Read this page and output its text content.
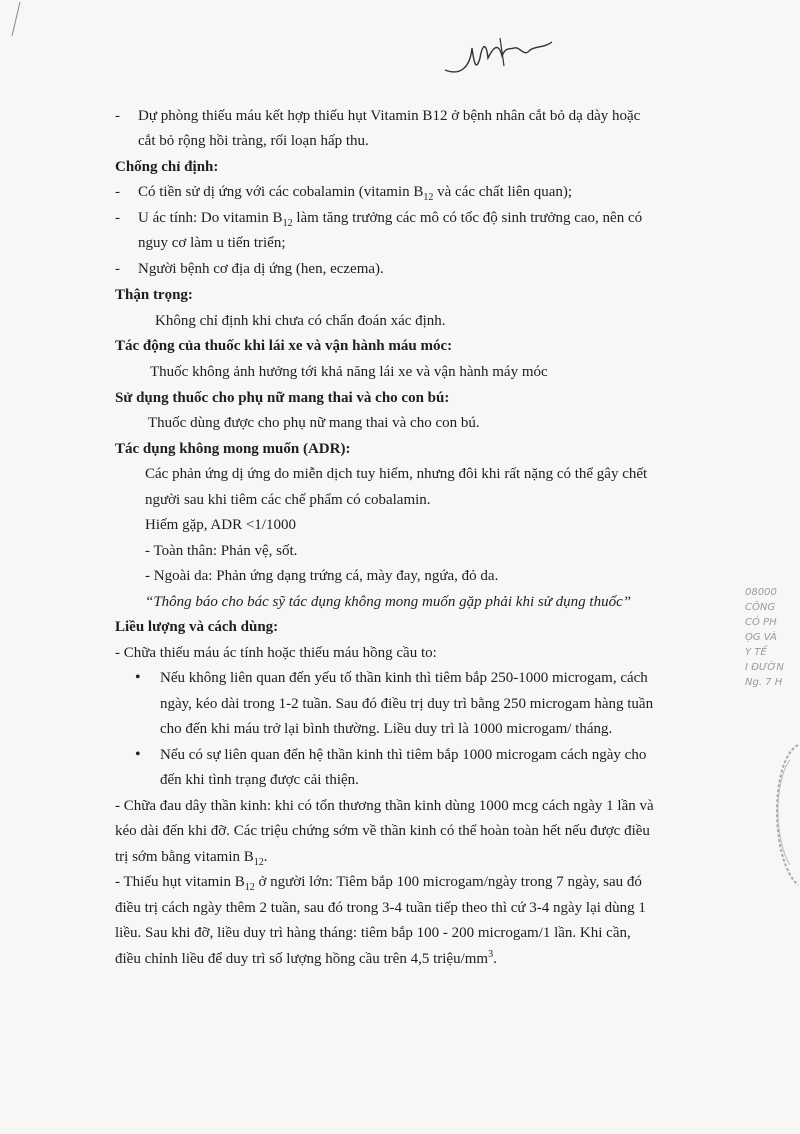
- Dự phòng thiếu máu kết hợp thiếu hụt Vitamin B12 ở bệnh nhân cắt bỏ dạ dày hoặc
cắt bỏ rộng hồi tràng, rối loạn hấp thu.
Chống chỉ định:
- Có tiền sử dị ứng với các cobalamin (vitamin $B_{12}$ và các chất liên quan);
- U ác tính: Do vitamin $B_{12}$ làm tăng trưởng các mô có tốc độ sinh trưởng cao, nên có
nguy cơ làm u tiến triển;
- Người bệnh cơ địa dị ứng (hen, eczema).
Thận trọng:
Không chỉ định khi chưa có chẩn đoán xác định.
Tác động của thuốc khi lái xe và vận hành máu móc:
Thuốc không ảnh hưởng tới khả năng lái xe và vận hành máy móc
Sử dụng thuốc cho phụ nữ mang thai và cho con bú:
Thuốc dùng được cho phụ nữ mang thai và cho con bú.
Tác dụng không mong muốn (ADR):
Các phản ứng dị ứng do miễn dịch tuy hiếm, nhưng đôi khi rất nặng có thể gây chết
người sau khi tiêm các chế phẩm có cobalamin.
Hiếm gặp, ADR <1/1000
- Toàn thân: Phản vệ, sốt.
- Ngoài da: Phản ứng dạng trứng cá, mày đay, ngứa, đỏ da.
“Thông báo cho bác sỹ tác dụng không mong muốn gặp phải khi sử dụng thuốc”
Liều lượng và cách dùng:
- Chữa thiếu máu ác tính hoặc thiếu máu hồng cầu to:
• Nếu không liên quan đến yếu tố thần kinh thì tiêm bắp 250-1000 microgam, cách
ngày, kéo dài trong 1-2 tuần. Sau đó điều trị duy trì bằng 250 microgam hàng tuần
cho đến khi máu trở lại bình thường. Liều duy trì là 1000 microgam/ tháng.
• Nếu có sự liên quan đến hệ thần kinh thì tiêm bắp 1000 microgam cách ngày cho
đến khi tình trạng được cải thiện.
- Chữa đau dây thần kinh: khi có tổn thương thần kinh dùng 1000 mcg cách ngày 1 lần và
kéo dài đến khi đỡ. Các triệu chứng sớm về thần kinh có thể hoàn toàn hết nếu được điều
trị sớm bằng vitamin $B_{12}$.
- Thiếu hụt vitamin $B_{12}$ ở người lớn: Tiêm bắp 100 microgam/ngày trong 7 ngày, sau đó
điều trị cách ngày thêm 2 tuần, sau đó trong 3-4 tuần tiếp theo thì cứ 3-4 ngày lại dùng 1
liều. Sau khi đỡ, liều duy trì hàng tháng: tiêm bắp 100 - 200 microgam/1 lần. Khi cần,
điều chỉnh liều để duy trì số lượng hồng cầu trên 4,5 triệu/$mm^3$.
08000
CÔNG
CÓ PH
ỌG VÀ
Y TẾ
I ĐƯỜN
Ng. 7 H
